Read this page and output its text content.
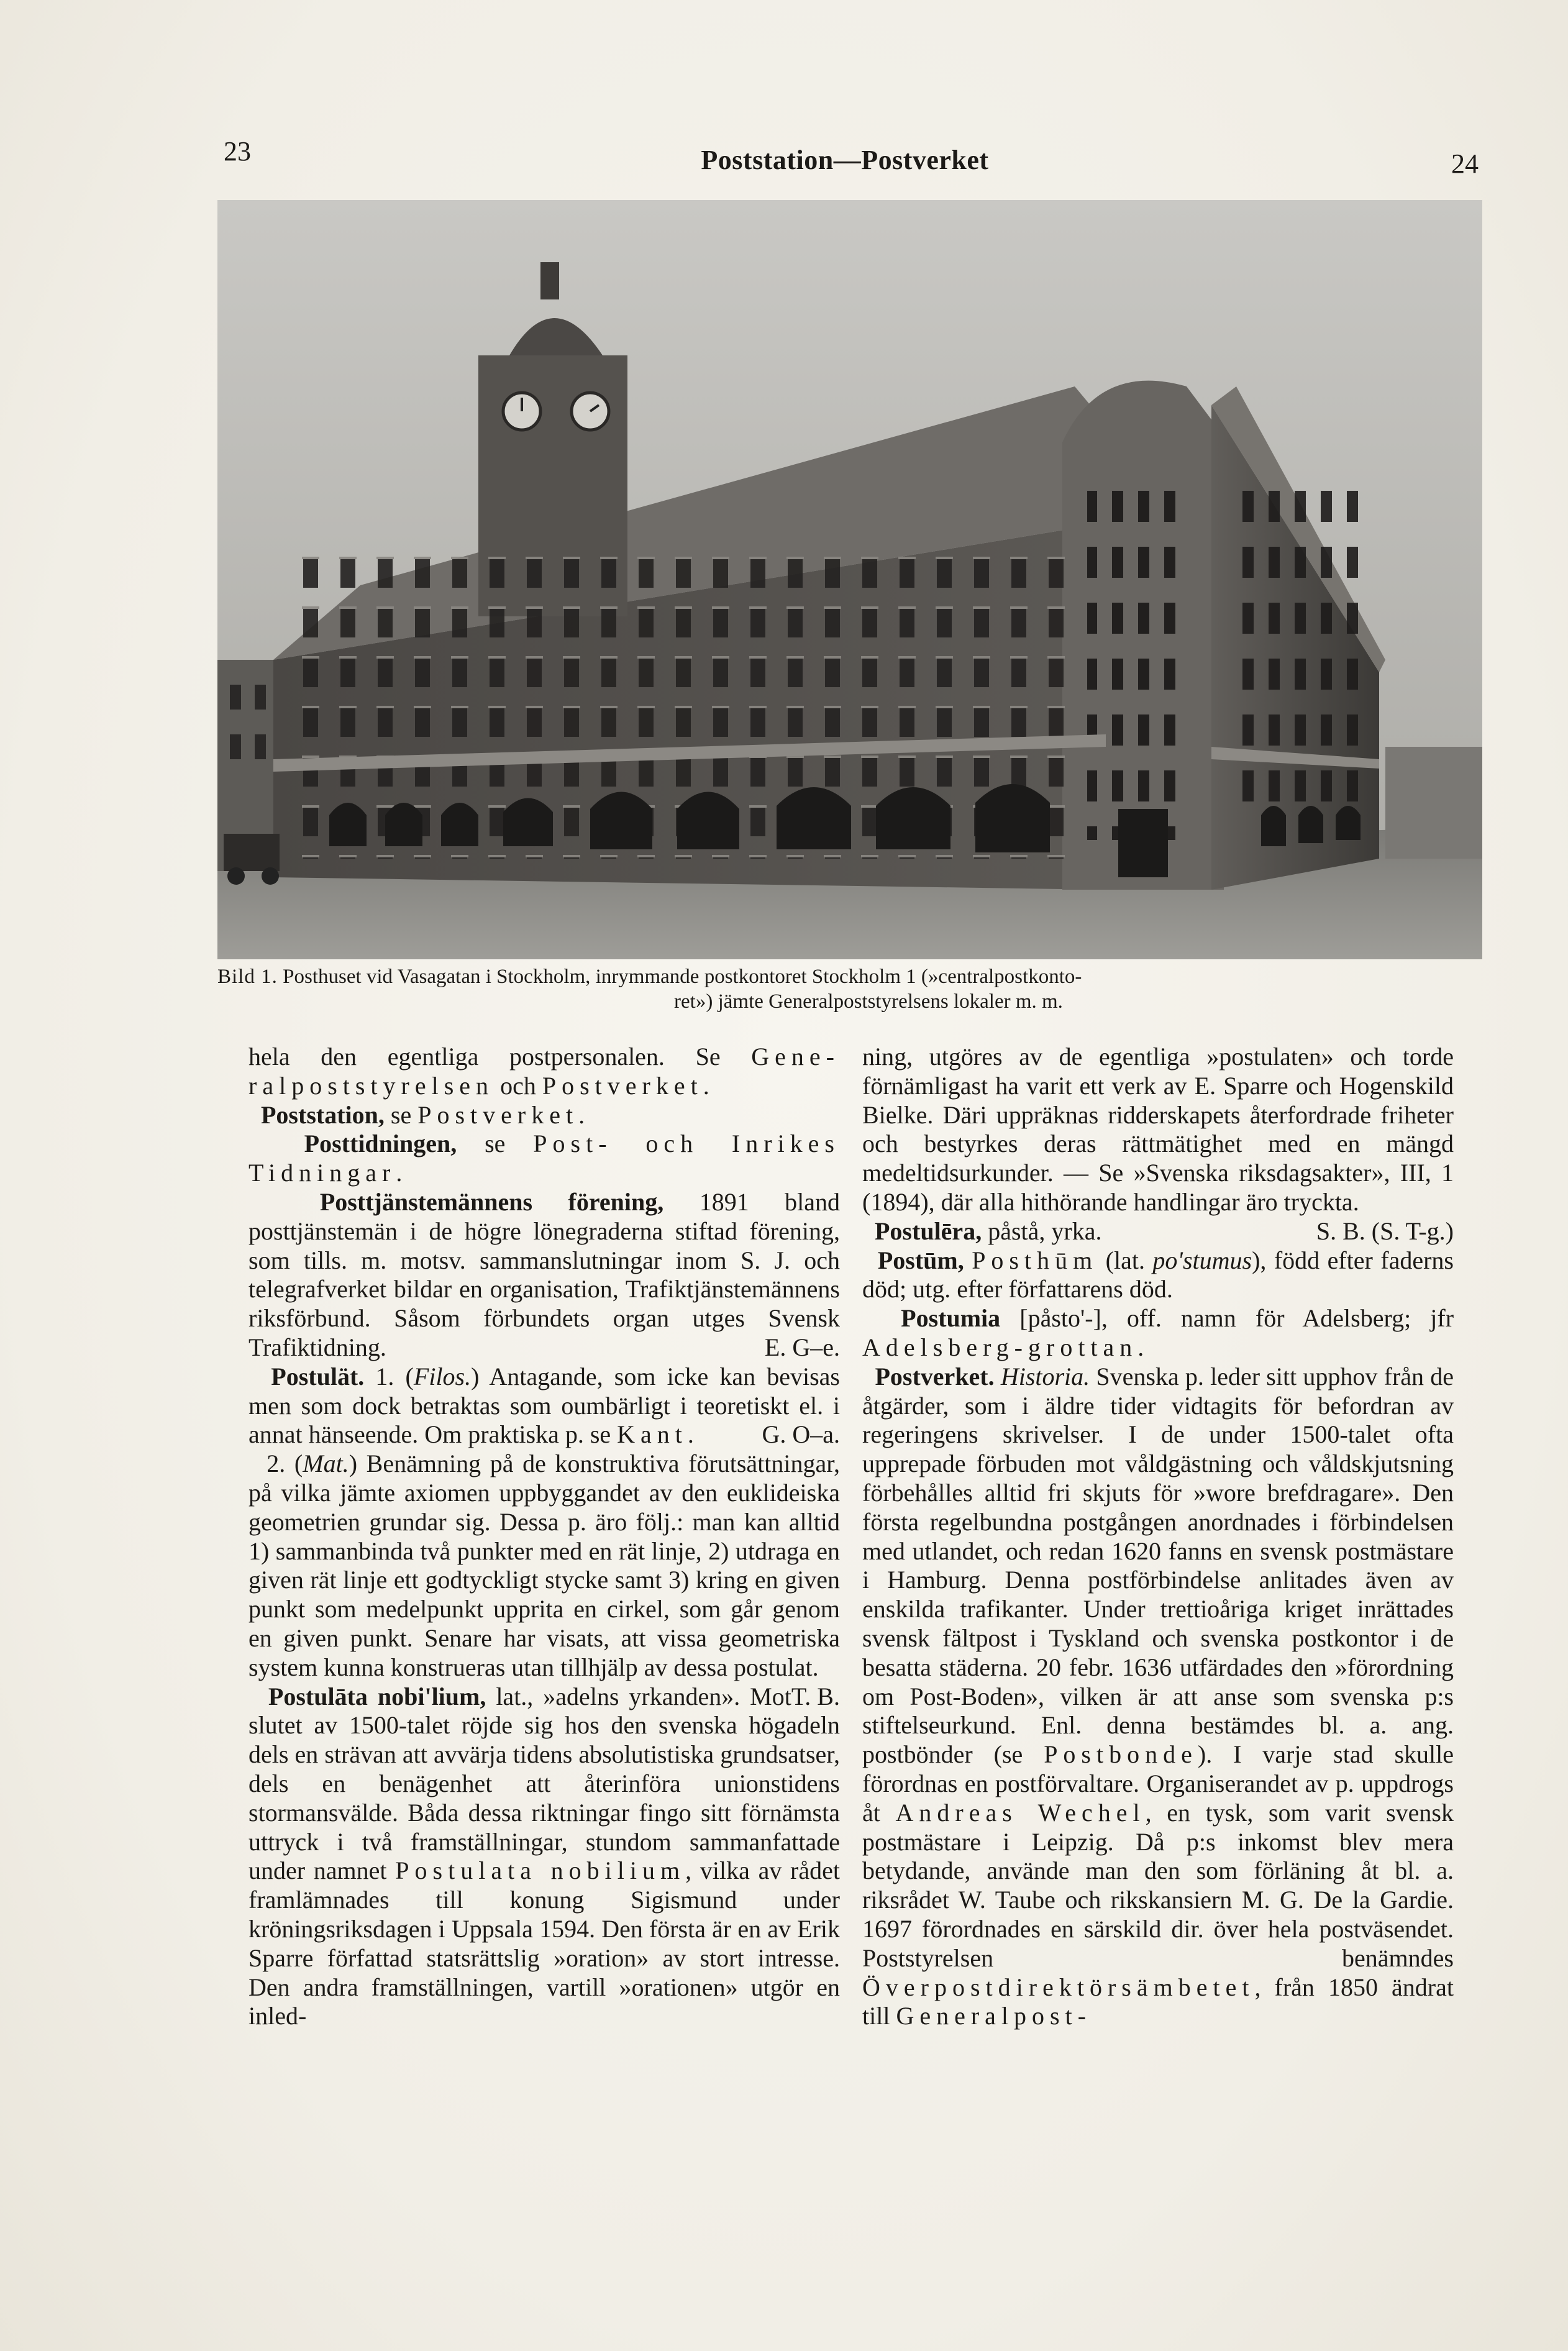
23	Poststation—Postverket	24
Bild 1. Posthuset vid Vasagatan i Stockholm, inrymmande postkontoret Stockholm 1 (»centralpostkonto-
ret») jämte Generalpoststyrelsens lokaler m. m.

hela den egentliga postpersonalen. Se Gene-ralpoststyrelsen och Postverket.

Poststation, se Postverket.

Posttidningen, se Post- och Inrikes Tidningar.

Posttjänstemännens förening, 1891 bland posttjänstemän i de högre lönegraderna stiftad förening, som tills. m. motsv. sammanslutningar inom S. J. och telegrafverket bildar en organisation, Trafiktjänstemännens riksförbund. Såsom förbundets organ utges Svensk Trafiktidning.	E. G–e.

Postulät. 1. (Filos.) Antagande, som icke kan bevisas men som dock betraktas som oumbärligt i teoretiskt el. i annat hänseende. Om praktiska p. se Kant.	G. O–a.

2. (Mat.) Benämning på de konstruktiva förutsättningar, på vilka jämte axiomen uppbyggandet av den euklideiska geometrien grundar sig. Dessa p. äro följ.: man kan alltid 1) sammanbinda två punkter med en rät linje, 2) utdraga en given rät linje ett godtyckligt stycke samt 3) kring en given punkt som medelpunkt uppritа en cirkel, som går genom en given punkt. Senare har visats, att vissa geometriska system kunna konstrueras utan tillhjälp av dessa postulat.
T. B.

Postulāta nobi'lium, lat., »adelns yrkanden». Mot slutet av 1500-talet röjde sig hos den svenska högadeln dels en strävan att avvärja tidens absolutistiska grundsatser, dels en benägenhet att återinföra unionstidens stormansvälde. Båda dessa riktningar fingo sitt förnämsta uttryck i två framställningar, stundom sammanfattade under namnet Postulata nobilium, vilka av rådet framlämnades till konung Sigismund under kröningsriksdagen i Uppsala 1594. Den första är en av Erik Sparre författad statsrättslig »oration» av stort intresse. Den andra framställningen, vartill »orationen» utgör en inled-

ning, utgöres av de egentliga »postulaten» och torde förnämligast ha varit ett verk av E. Sparre och Hogenskild Bielke. Däri uppräknas ridderskapets återfordrade friheter och bestyrkes deras rättmätighet med en mängd medeltidsurkunder. — Se »Svenska riksdagsakter», III, 1 (1894), där alla hithörande handlingar äro tryckta.
S. B. (S. T-g.)

Postulēra, påstå, yrka.

Postūm, Posthūm (lat. po'stumus), född efter faderns död; utg. efter författarens död.

Postumia [påsto'-], off. namn för Adelsberg; jfr Adelsberg-grottan.

Postverket. Historia. Svenska p. leder sitt upphov från de åtgärder, som i äldre tider vidtagits för befordran av regeringens skrivelser. I de under 1500-talet ofta upprepade förbuden mot våldgästning och våldskjutsning förbehålles alltid fri skjuts för »wore brefdragare». Den första regelbundna postgången anordnades i förbindelsen med utlandet, och redan 1620 fanns en svensk postmästare i Hamburg. Denna postförbindelse anlitades även av enskilda trafikanter. Under trettioåriga kriget inrättades svensk fältpost i Tyskland och svenska postkontor i de besatta städerna. 20 febr. 1636 utfärdades den »förordning om Post-Boden», vilken är att anse som svenska p:s stiftelseurkund. Enl. denna bestämdes bl. a. ang. postbönder (se Postbonde). I varje stad skulle förordnas en postförvaltare. Organiserandet av p. uppdrogs åt Andreas Wechel, en tysk, som varit svensk postmästare i Leipzig. Då p:s inkomst blev mera betydande, använde man den som förläning åt bl. a. riksrådet W. Taube och rikskansiern M. G. De la Gardie. 1697 förordnades en särskild dir. över hela postväsendet. Poststyrelsen benämndes Överpostdirektörsämbetet, från 1850 ändrat till Generalpost-
